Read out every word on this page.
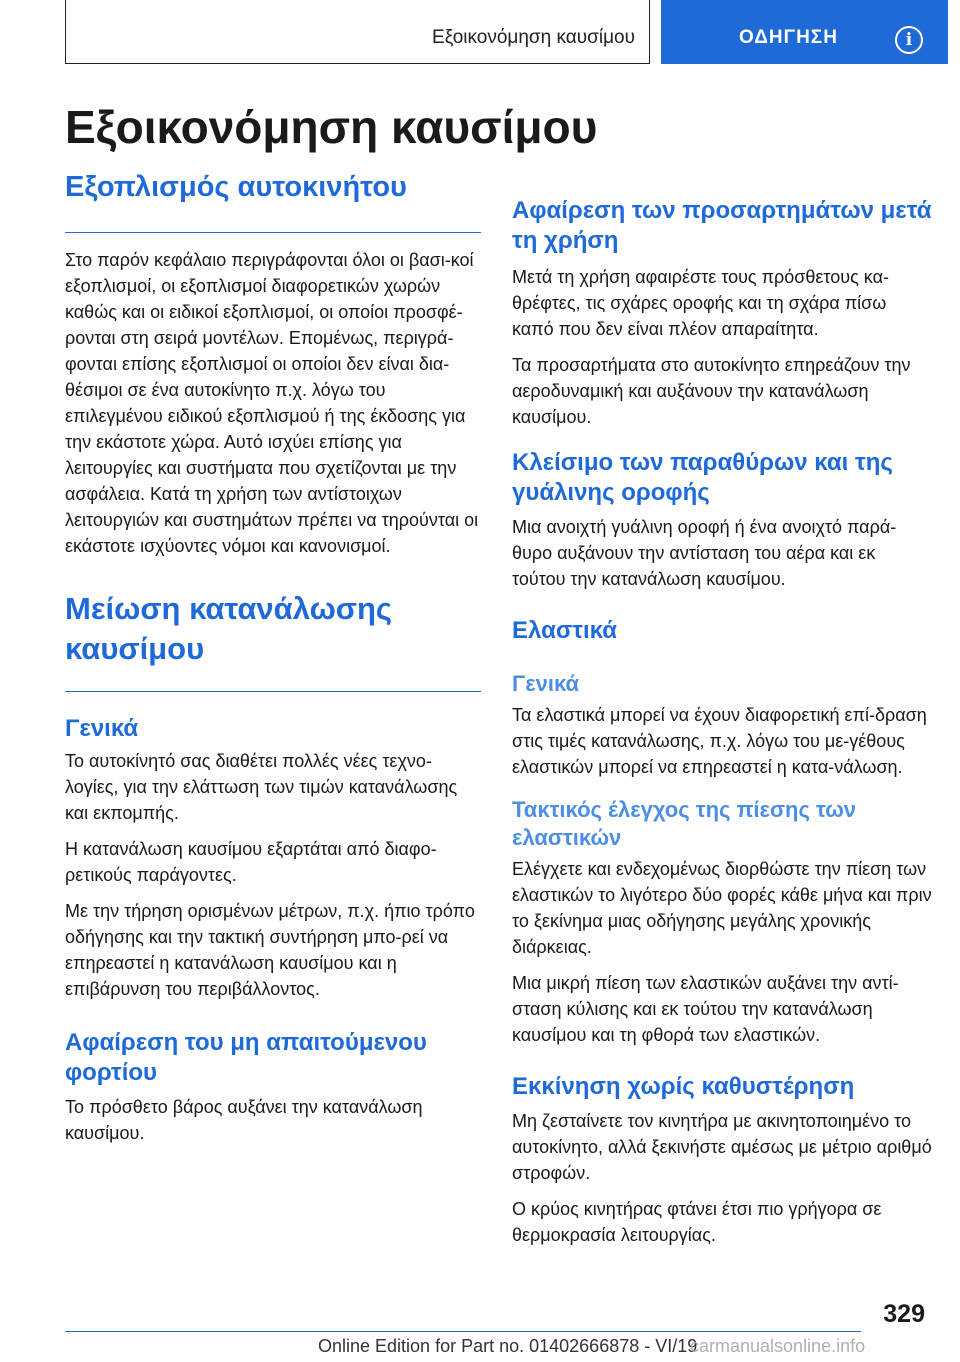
Εξοικονόμηση καυσίμου	ΟΔΗΓΗΣΗ	i
Εξοικονόμηση καυσίμου
Εξοπλισμός αυτοκινήτου

Στο παρόν κεφάλαιο περιγράφονται όλοι οι βασι-κοί εξοπλισμοί, οι εξοπλισμοί διαφορετικών χωρών καθώς και οι ειδικοί εξοπλισμοί, οι οποίοι προσφέ-ρονται στη σειρά μοντέλων. Επομένως, περιγρά-φονται επίσης εξοπλισμοί οι οποίοι δεν είναι δια-θέσιμοι σε ένα αυτοκίνητο π.χ. λόγω του επιλεγμένου ειδικού εξοπλισμού ή της έκδοσης για την εκάστοτε χώρα. Αυτό ισχύει επίσης για λειτουργίες και συστήματα που σχετίζονται με την ασφάλεια. Κατά τη χρήση των αντίστοιχων λειτουργιών και συστημάτων πρέπει να τηρούνται οι εκάστοτε ισχύοντες νόμοι και κανονισμοί.

Μείωση κατανάλωσης καυσίμου
Γενικά

Το αυτοκίνητό σας διαθέτει πολλές νέες τεχνο-λογίες, για την ελάττωση των τιμών κατανάλωσης και εκπομπής.

Η κατανάλωση καυσίμου εξαρτάται από διαφο-ρετικούς παράγοντες.

Με την τήρηση ορισμένων μέτρων, π.χ. ήπιο τρόπο οδήγησης και την τακτική συντήρηση μπο-ρεί να επηρεαστεί η κατανάλωση καυσίμου και η επιβάρυνση του περιβάλλοντος.

Αφαίρεση του μη απαιτούμενου φορτίου

Το πρόσθετο βάρος αυξάνει την κατανάλωση καυσίμου.

Αφαίρεση των προσαρτημάτων μετά τη χρήση

Μετά τη χρήση αφαιρέστε τους πρόσθετους κα-θρέφτες, τις σχάρες οροφής και τη σχάρα πίσω καπό που δεν είναι πλέον απαραίτητα.

Τα προσαρτήματα στο αυτοκίνητο επηρεάζουν την αεροδυναμική και αυξάνουν την κατανάλωση καυσίμου.

Κλείσιμο των παραθύρων και της γυάλινης οροφής

Μια ανοιχτή γυάλινη οροφή ή ένα ανοιχτό παρά-θυρο αυξάνουν την αντίσταση του αέρα και εκ τούτου την κατανάλωση καυσίμου.

Ελαστικά
Γενικά

Τα ελαστικά μπορεί να έχουν διαφορετική επί-δραση στις τιμές κατανάλωσης, π.χ. λόγω του με-γέθους ελαστικών μπορεί να επηρεαστεί η κατα-νάλωση.

Τακτικός έλεγχος της πίεσης των ελαστικών

Ελέγχετε και ενδεχομένως διορθώστε την πίεση των ελαστικών το λιγότερο δύο φορές κάθε μήνα και πριν το ξεκίνημα μιας οδήγησης μεγάλης χρονικής διάρκειας.

Μια μικρή πίεση των ελαστικών αυξάνει την αντί-σταση κύλισης και εκ τούτου την κατανάλωση καυσίμου και τη φθορά των ελαστικών.

Εκκίνηση χωρίς καθυστέρηση

Μη ζεσταίνετε τον κινητήρα με ακινητοποιημένο το αυτοκίνητο, αλλά ξεκινήστε αμέσως με μέτριο αριθμό στροφών.

Ο κρύος κινητήρας φτάνει έτσι πιο γρήγορα σε θερμοκρασία λειτουργίας.

329
Online Edition for Part no. 01402666878 - VI/19
carmanualsonline.info
